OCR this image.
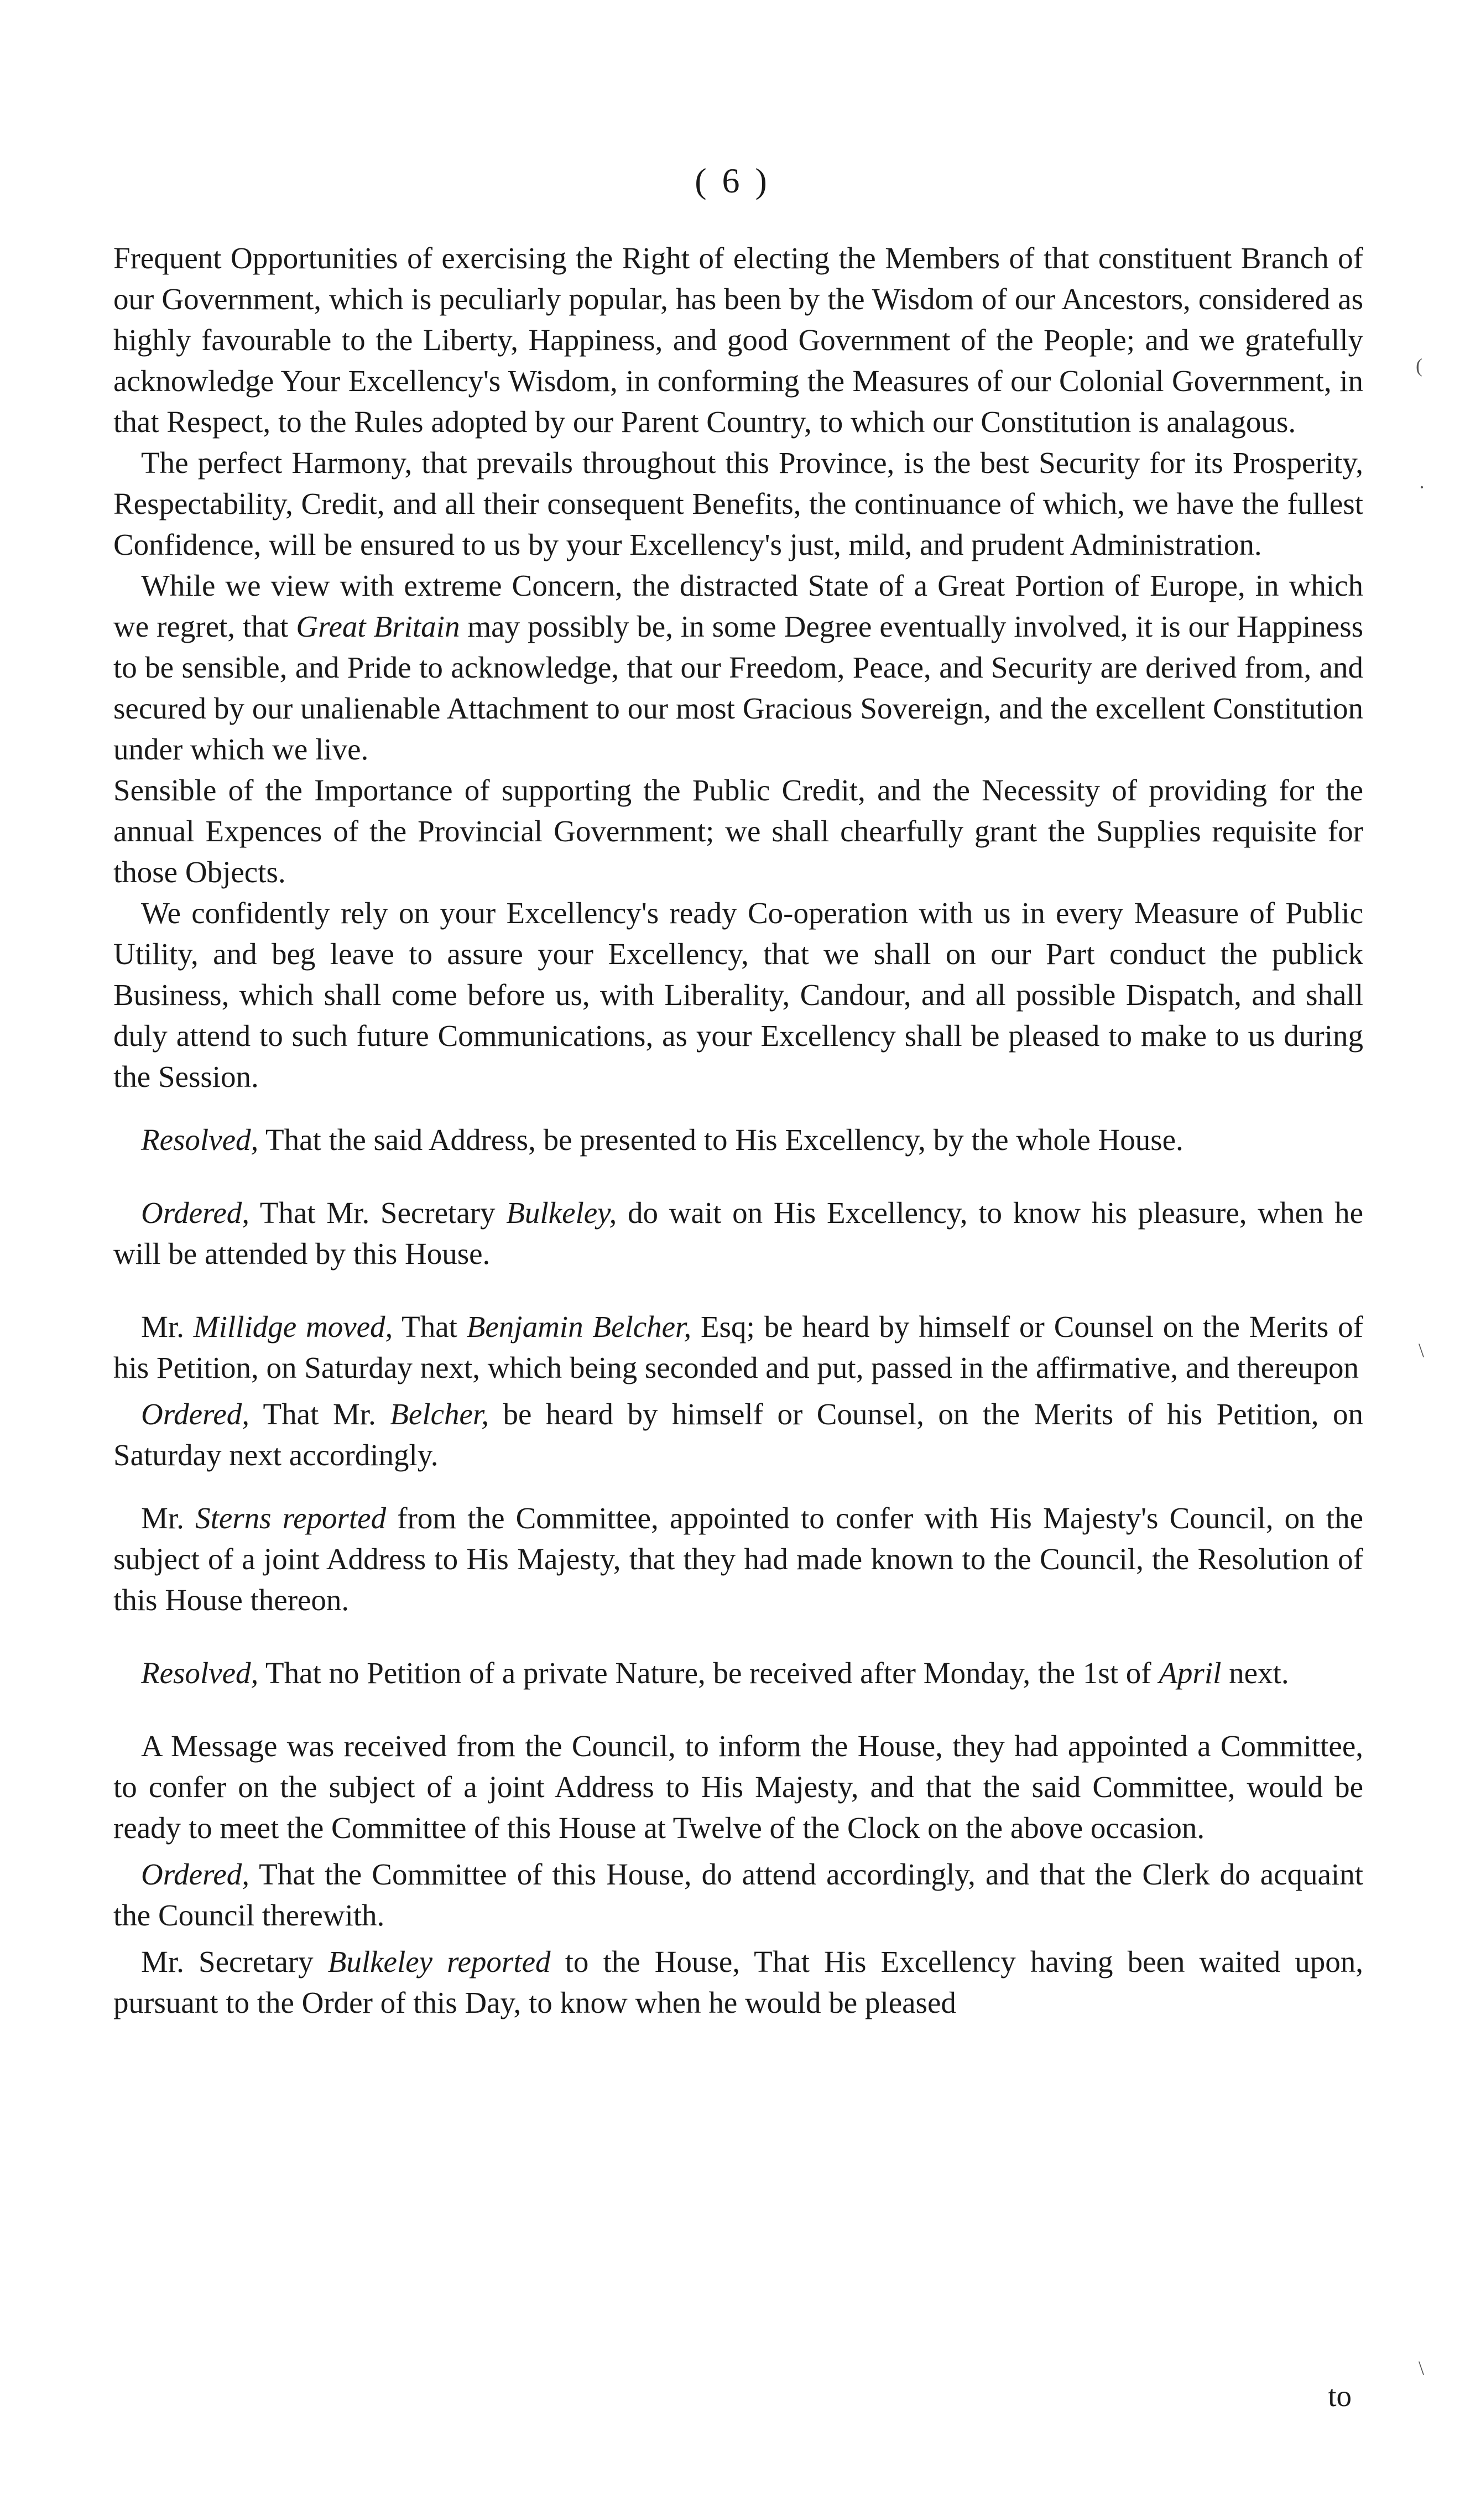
( 6 )
(
·
\
\

Frequent Opportunities of exercising the Right of electing the Members of that constituent Branch of our Government, which is peculiarly popular, has been by the Wisdom of our Ancestors, considered as highly favourable to the Liberty, Happiness, and good Government of the People; and we gratefully acknowledge Your Excellency's Wisdom, in conforming the Measures of our Colonial Government, in that Respect, to the Rules adopted by our Parent Country, to which our Constitution is analagous.

The perfect Harmony, that prevails throughout this Province, is the best Security for its Prosperity, Respectability, Credit, and all their consequent Benefits, the continuance of which, we have the fullest Confidence, will be ensured to us by your Excellency's just, mild, and prudent Administration.

While we view with extreme Concern, the distracted State of a Great Portion of Europe, in which we regret, that Great Britain may possibly be, in some Degree eventually involved, it is our Happiness to be sensible, and Pride to acknowledge, that our Freedom, Peace, and Security are derived from, and secured by our unalienable Attachment to our most Gracious Sovereign, and the excellent Constitution under which we live.

Sensible of the Importance of supporting the Public Credit, and the Necessity of providing for the annual Expences of the Provincial Government; we shall chearfully grant the Supplies requisite for those Objects.

We confidently rely on your Excellency's ready Co-operation with us in every Measure of Public Utility, and beg leave to assure your Excellency, that we shall on our Part conduct the publick Business, which shall come before us, with Liberality, Candour, and all possible Dispatch, and shall duly attend to such future Communications, as your Excellency shall be pleased to make to us during the Session.

Resolved, That the said Address, be presented to His Excellency, by the whole House.

Ordered, That Mr. Secretary Bulkeley, do wait on His Excellency, to know his pleasure, when he will be attended by this House.

Mr. Millidge moved, That Benjamin Belcher, Esq; be heard by himself or Counsel on the Merits of his Petition, on Saturday next, which being seconded and put, passed in the affirmative, and thereupon

Ordered, That Mr. Belcher, be heard by himself or Counsel, on the Merits of his Petition, on Saturday next accordingly.

Mr. Sterns reported from the Committee, appointed to confer with His Majesty's Council, on the subject of a joint Address to His Majesty, that they had made known to the Council, the Resolution of this House thereon.

Resolved, That no Petition of a private Nature, be received after Monday, the 1st of April next.

A Message was received from the Council, to inform the House, they had appointed a Committee, to confer on the subject of a joint Address to His Majesty, and that the said Committee, would be ready to meet the Committee of this House at Twelve of the Clock on the above occasion.

Ordered, That the Committee of this House, do attend accordingly, and that the Clerk do acquaint the Council therewith.

Mr. Secretary Bulkeley reported to the House, That His Excellency having been waited upon, pursuant to the Order of this Day, to know when he would be pleased

to
